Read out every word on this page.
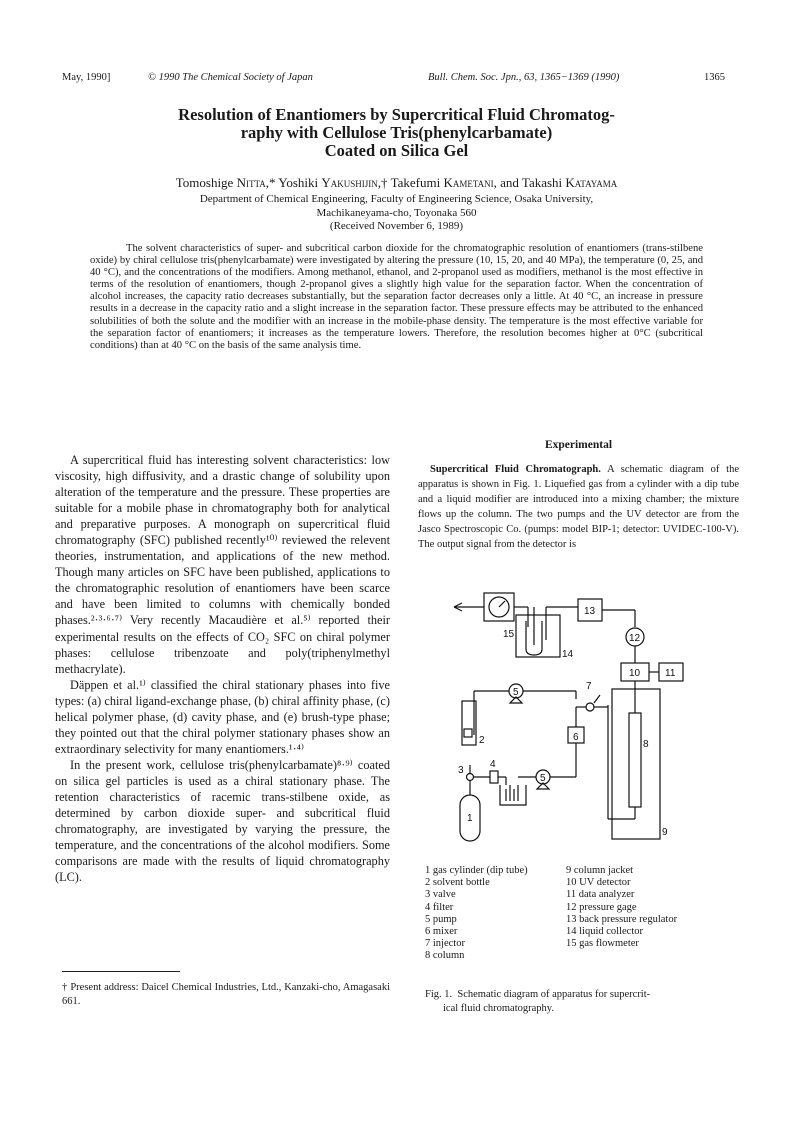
May, 1990]	© 1990 The Chemical Society of Japan	Bull. Chem. Soc. Jpn., 63, 1365−1369 (1990)	1365
Resolution of Enantiomers by Supercritical Fluid Chromatog-
raphy with Cellulose Tris(phenylcarbamate)
Coated on Silica Gel
Tomoshige Nitta,* Yoshiki Yakushijin,† Takefumi Kametani, and Takashi Katayama
Department of Chemical Engineering, Faculty of Engineering Science, Osaka University,
Machikaneyama-cho, Toyonaka 560
(Received November 6, 1989)
The solvent characteristics of super- and subcritical carbon dioxide for the chromatographic resolution of enantiomers (trans-stilbene oxide) by chiral cellulose tris(phenylcarbamate) were investigated by altering the pressure (10, 15, 20, and 40 MPa), the temperature (0, 25, and 40 °C), and the concentrations of the modifiers. Among methanol, ethanol, and 2-propanol used as modifiers, methanol is the most effective in terms of the resolution of enantiomers, though 2-propanol gives a slightly high value for the separation factor. When the concentration of alcohol increases, the capacity ratio decreases substantially, but the separation factor decreases only a little. At 40 °C, an increase in pressure results in a decrease in the capacity ratio and a slight increase in the separation factor. These pressure effects may be attributed to the enhanced solubilities of both the solute and the modifier with an increase in the mobile-phase density. The temperature is the most effective variable for the separation factor of enantiomers; it increases as the temperature lowers. Therefore, the resolution becomes higher at 0°C (subcritical conditions) than at 40 °C on the basis of the same analysis time.

A supercritical fluid has interesting solvent characteristics: low viscosity, high diffusivity, and a drastic change of solubility upon alteration of the temperature and the pressure. These properties are suitable for a mobile phase in chromatography both for analytical and preparative purposes. A monograph on supercritical fluid chromatography (SFC) published recently¹⁰⁾ reviewed the relevent theories, instrumentation, and applications of the new method. Though many articles on SFC have been published, applications to the chromatographic resolution of enantiomers have been scarce and have been limited to columns with chemically bonded phases.²·³·⁶·⁷⁾ Very recently Macaudière et al.⁵⁾ reported their experimental results on the effects of CO₂ SFC on chiral polymer phases: cellulose tribenzoate and poly(triphenylmethyl methacrylate).

Däppen et al.¹⁾ classified the chiral stationary phases into five types: (a) chiral ligand-exchange phase, (b) chiral affinity phase, (c) helical polymer phase, (d) cavity phase, and (e) brush-type phase; they pointed out that the chiral polymer stationary phases show an extraordinary selectivity for many enantiomers.¹·⁴⁾

In the present work, cellulose tris(phenylcarbamate)⁸·⁹⁾ coated on silica gel particles is used as a chiral stationary phase. The retention characteristics of racemic trans-stilbene oxide, as determined by carbon dioxide super- and subcritical fluid chromatography, are investigated by varying the pressure, the temperature, and the concentrations of the alcohol modifiers. Some comparisons are made with the results of liquid chromatography (LC).

† Present address: Daicel Chemical Industries, Ltd., Kanzaki-cho, Amagasaki 661.
Experimental

Supercritical Fluid Chromatograph. A schematic diagram of the apparatus is shown in Fig. 1. Liquefied gas from a cylinder with a dip tube and a liquid modifier are introduced into a mixing chamber; the mixture flows up the column. The two pumps and the UV detector are from the Jasco Spectroscopic Co. (pumps: model BIP-1; detector: UVIDEC-100-V). The output signal from the detector is

15
14
13
12
10 11
8
9
7
6
5
5
2
1
3
4
1 gas cylinder (dip tube)
2 solvent bottle
3 valve
4 filter
5 pump
6 mixer
7 injector
8 column
9 column jacket
10 UV detector
11 data analyzer
12 pressure gage
13 back pressure regulator
14 liquid collector
15 gas flowmeter
Fig. 1. Schematic diagram of apparatus for supercrit-
ical fluid chromatography.
